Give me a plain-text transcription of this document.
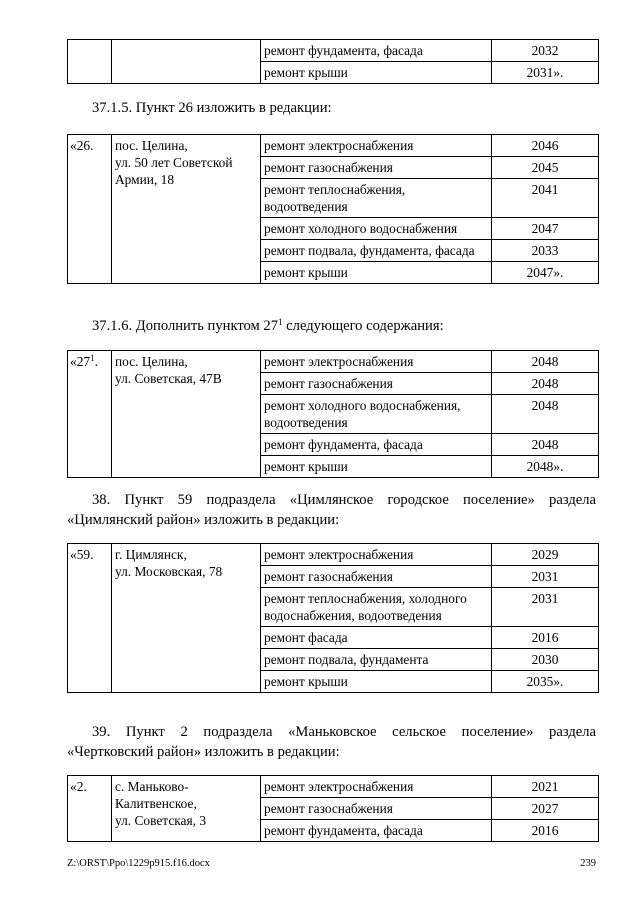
		ремонт фундамента, фасада	2032
		ремонт крыши	2031».
37.1.5. Пункт 26 изложить в редакции:
«26.	пос. Целина,
ул. 50 лет Советской Армии, 18	ремонт электроснабжения	2046
		ремонт газоснабжения	2045
		ремонт теплоснабжения, водоотведения	2041
		ремонт холодного водоснабжения	2047
		ремонт подвала, фундамента, фасада	2033
		ремонт крыши	2047».
37.1.6. Дополнить пунктом $27^1$ следующего содержания:
«$27^1$.	пос. Целина,
ул. Советская, 47В	ремонт электроснабжения	2048
		ремонт газоснабжения	2048
		ремонт холодного водоснабжения, водоотведения	2048
		ремонт фундамента, фасада	2048
		ремонт крыши	2048».
38. Пункт 59 подраздела «Цимлянское городское поселение» раздела
«Цимлянский район» изложить в редакции:
«59.	г. Цимлянск,
ул. Московская, 78	ремонт электроснабжения	2029
		ремонт газоснабжения	2031
		ремонт теплоснабжения, холодного водоснабжения, водоотведения	2031
		ремонт фасада	2016
		ремонт подвала, фундамента	2030
		ремонт крыши	2035».
39. Пункт 2 подраздела «Маньковское сельское поселение» раздела
«Чертковский район» изложить в редакции:
«2.	с. Маньково-Калитвенское,
ул. Советская, 3	ремонт электроснабжения	2021
		ремонт газоснабжения	2027
		ремонт фундамента, фасада	2016
Z:\ORST\Ppo\1229p915.f16.docx	239
